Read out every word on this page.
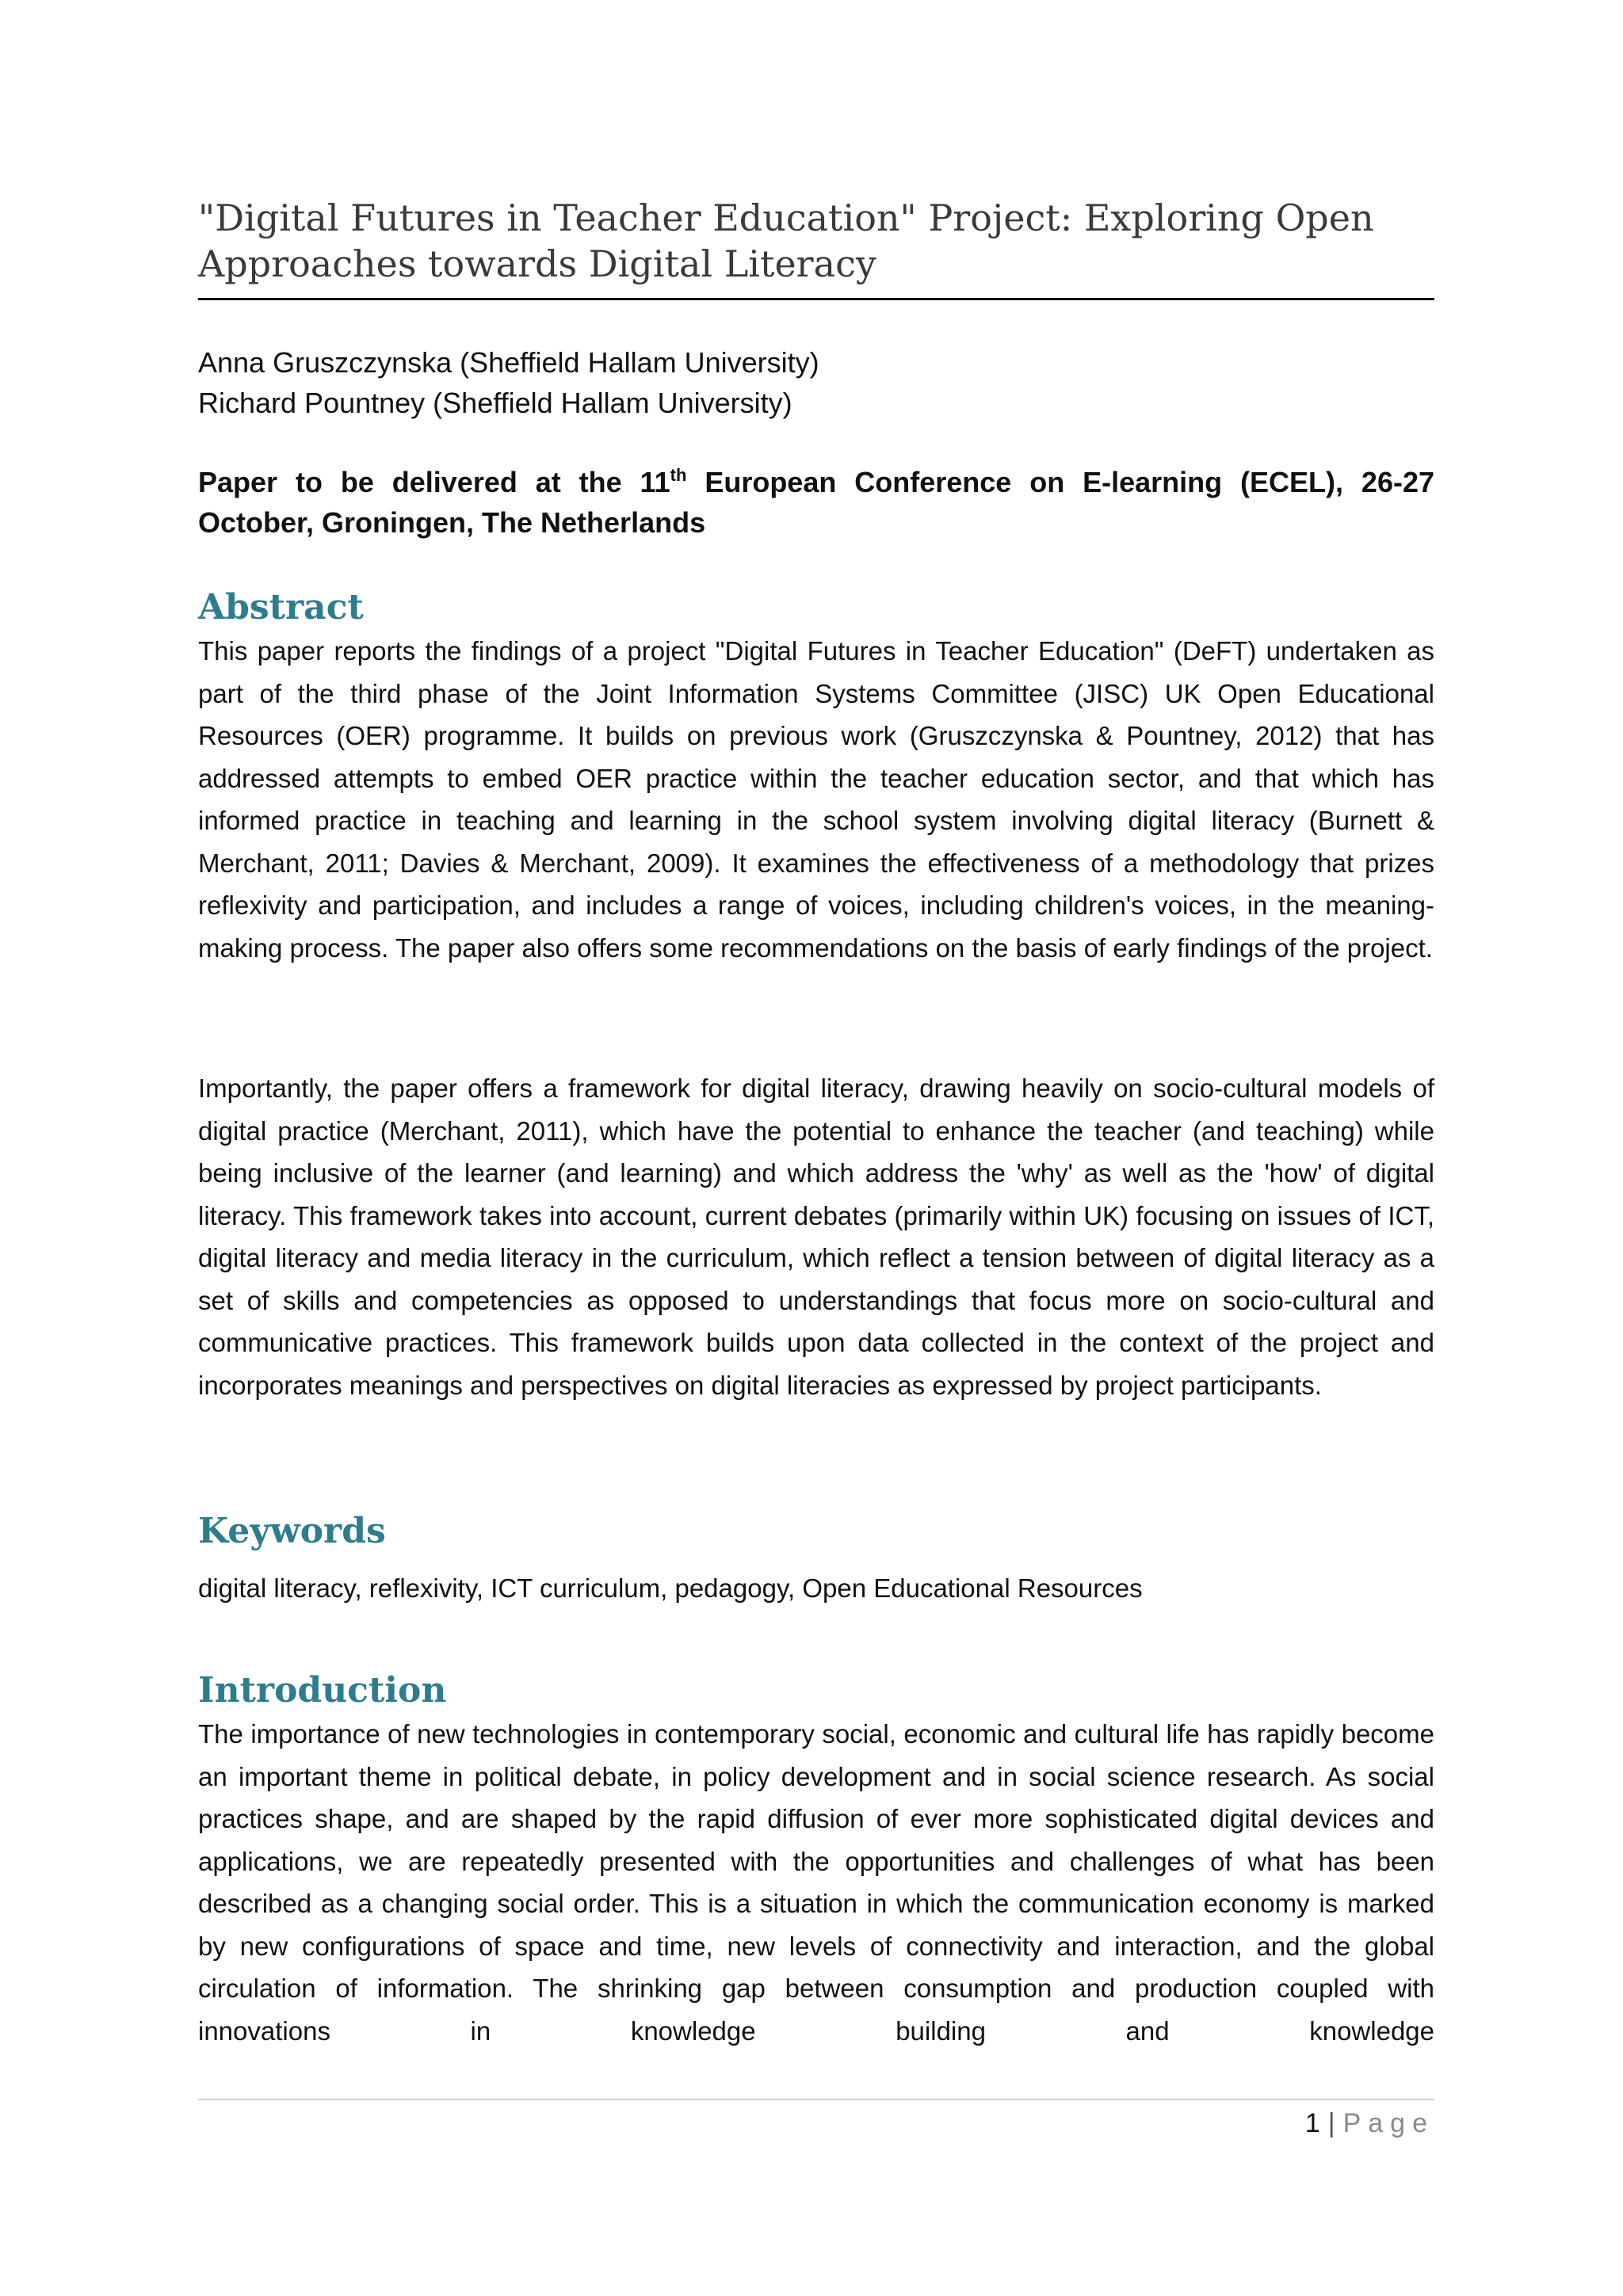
"Digital Futures in Teacher Education" Project: Exploring Open Approaches towards Digital Literacy
Anna Gruszczynska (Sheffield Hallam University)
Richard Pountney (Sheffield Hallam University)

Paper to be delivered at the 11th European Conference on E-learning (ECEL), 26-27 October, Groningen, The Netherlands

Abstract

This paper reports the findings of a project "Digital Futures in Teacher Education" (DeFT) undertaken as part of the third phase of the Joint Information Systems Committee (JISC) UK Open Educational Resources (OER) programme. It builds on previous work (Gruszczynska & Pountney, 2012) that has addressed attempts to embed OER practice within the teacher education sector, and that which has informed practice in teaching and learning in the school system involving digital literacy (Burnett & Merchant, 2011; Davies & Merchant, 2009). It examines the effectiveness of a methodology that prizes reflexivity and participation, and includes a range of voices, including children's voices, in the meaning-making process. The paper also offers some recommendations on the basis of early findings of the project.

Importantly, the paper offers a framework for digital literacy, drawing heavily on socio-cultural models of digital practice (Merchant, 2011), which have the potential to enhance the teacher (and teaching) while being inclusive of the learner (and learning) and which address the 'why' as well as the 'how' of digital literacy. This framework takes into account, current debates (primarily within UK) focusing on issues of ICT, digital literacy and media literacy in the curriculum, which reflect a tension between of digital literacy as a set of skills and competencies as opposed to understandings that focus more on socio-cultural and communicative practices. This framework builds upon data collected in the context of the project and incorporates meanings and perspectives on digital literacies as expressed by project participants.

Keywords

digital literacy, reflexivity, ICT curriculum, pedagogy, Open Educational Resources

Introduction

The importance of new technologies in contemporary social, economic and cultural life has rapidly become an important theme in political debate, in policy development and in social science research. As social practices shape, and are shaped by the rapid diffusion of ever more sophisticated digital devices and applications, we are repeatedly presented with the opportunities and challenges of what has been described as a changing social order. This is a situation in which the communication economy is marked by new configurations of space and time, new levels of connectivity and interaction, and the global circulation of information. The shrinking gap between consumption and production coupled with innovations in knowledge building and knowledge

1 | Page
